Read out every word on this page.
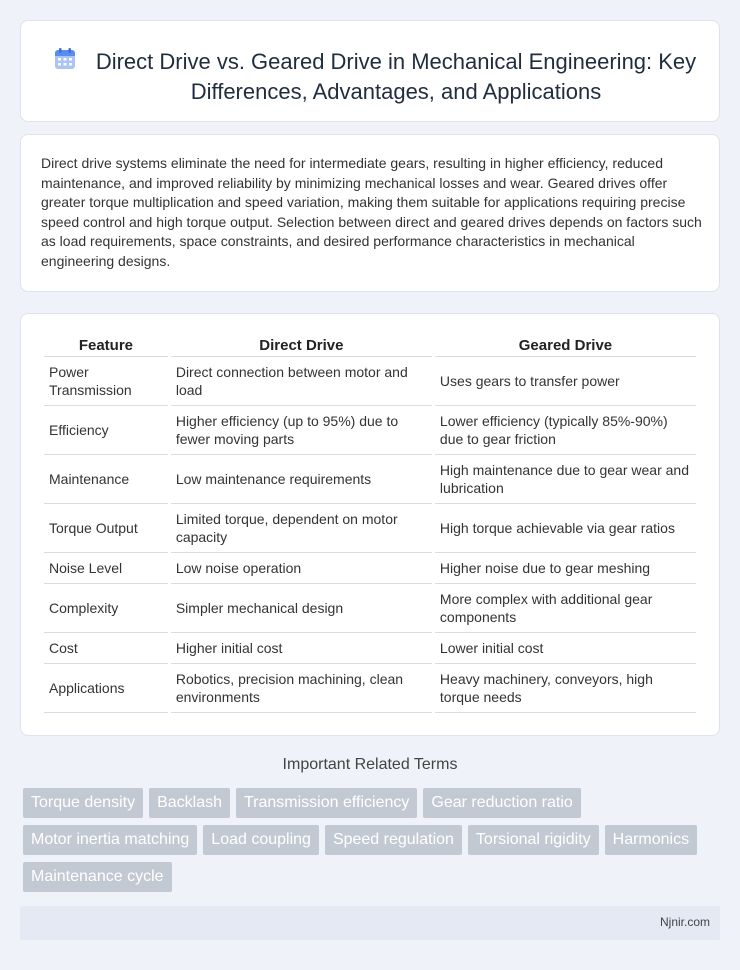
Direct Drive vs. Geared Drive in Mechanical Engineering: Key Differences, Advantages, and Applications

Direct drive systems eliminate the need for intermediate gears, resulting in higher efficiency, reduced maintenance, and improved reliability by minimizing mechanical losses and wear. Geared drives offer greater torque multiplication and speed variation, making them suitable for applications requiring precise speed control and high torque output. Selection between direct and geared drives depends on factors such as load requirements, space constraints, and desired performance characteristics in mechanical engineering designs.

Feature	Direct Drive	Geared Drive
Power Transmission	Direct connection between motor and load	Uses gears to transfer power
Efficiency	Higher efficiency (up to 95%) due to fewer moving parts	Lower efficiency (typically 85%-90%) due to gear friction
Maintenance	Low maintenance requirements	High maintenance due to gear wear and lubrication
Torque Output	Limited torque, dependent on motor capacity	High torque achievable via gear ratios
Noise Level	Low noise operation	Higher noise due to gear meshing
Complexity	Simpler mechanical design	More complex with additional gear components
Cost	Higher initial cost	Lower initial cost
Applications	Robotics, precision machining, clean environments	Heavy machinery, conveyors, high torque needs
Important Related Terms
Torque density	Backlash	Transmission efficiency	Gear reduction ratio
Motor inertia matching	Load coupling	Speed regulation	Torsional rigidity	Harmonics
Maintenance cycle
Njnir.com
